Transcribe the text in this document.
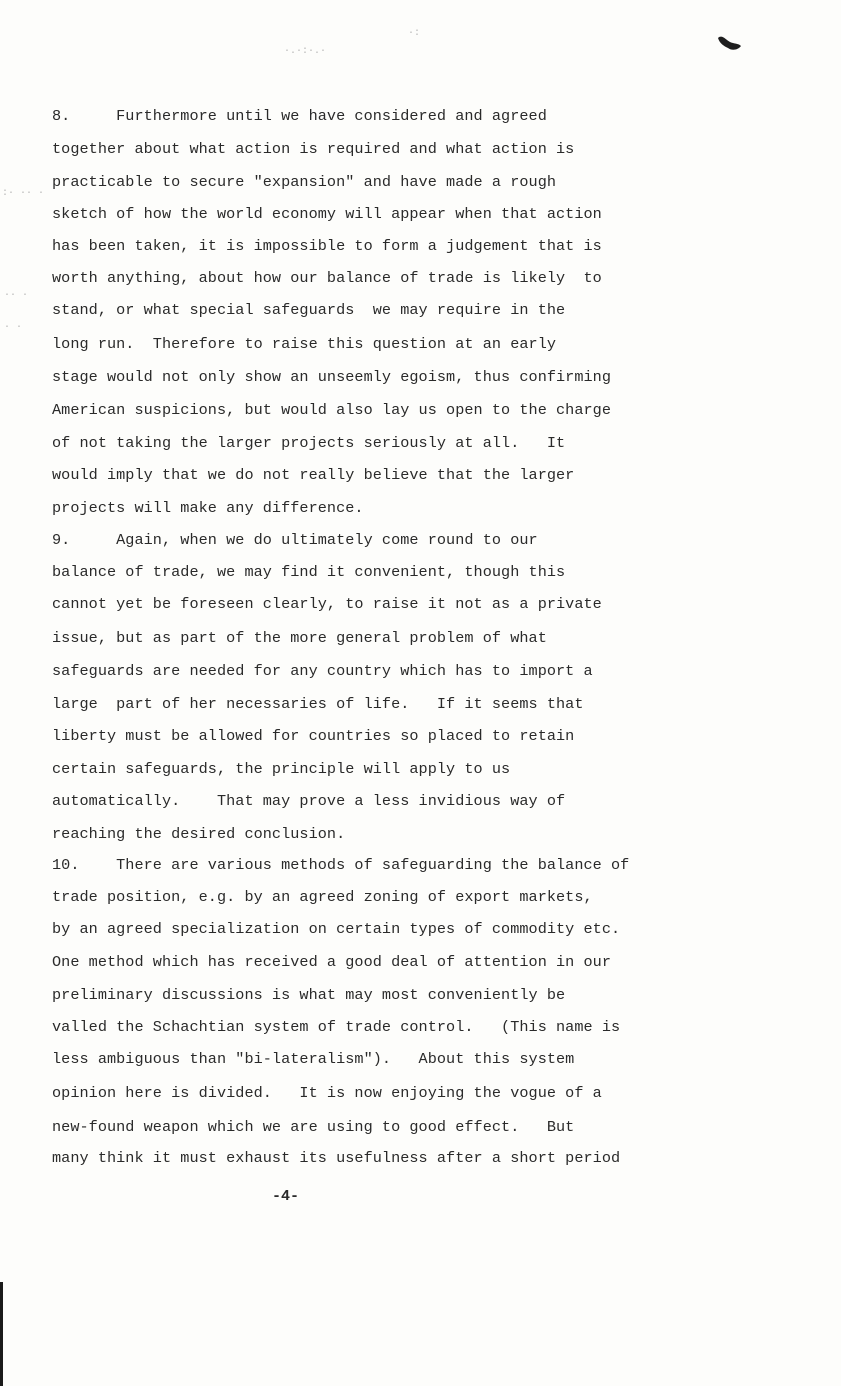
·.·:·.·
·:
:· ·· ·
·· ·
· ·
8.     Furthermore until we have considered and agreed
together about what action is required and what action is
practicable to secure "expansion" and have made a rough
sketch of how the world economy will appear when that action
has been taken, it is impossible to form a judgement that is
worth anything, about how our balance of trade is likely  to
stand, or what special safeguards  we may require in the
long run.  Therefore to raise this question at an early
stage would not only show an unseemly egoism, thus confirming
American suspicions, but would also lay us open to the charge
of not taking the larger projects seriously at all.   It
would imply that we do not really believe that the larger
projects will make any difference.
9.     Again, when we do ultimately come round to our
balance of trade, we may find it convenient, though this
cannot yet be foreseen clearly, to raise it not as a private
issue, but as part of the more general problem of what
safeguards are needed for any country which has to import a
large  part of her necessaries of life.   If it seems that
liberty must be allowed for countries so placed to retain
certain safeguards, the principle will apply to us
automatically.    That may prove a less invidious way of
reaching the desired conclusion.
10.    There are various methods of safeguarding the balance of
trade position, e.g. by an agreed zoning of export markets,
by an agreed specialization on certain types of commodity etc.
One method which has received a good deal of attention in our
preliminary discussions is what may most conveniently be
valled the Schachtian system of trade control.   (This name is
less ambiguous than "bi-lateralism").   About this system
opinion here is divided.   It is now enjoying the vogue of a
new-found weapon which we are using to good effect.   But
many think it must exhaust its usefulness after a short period
-4-
